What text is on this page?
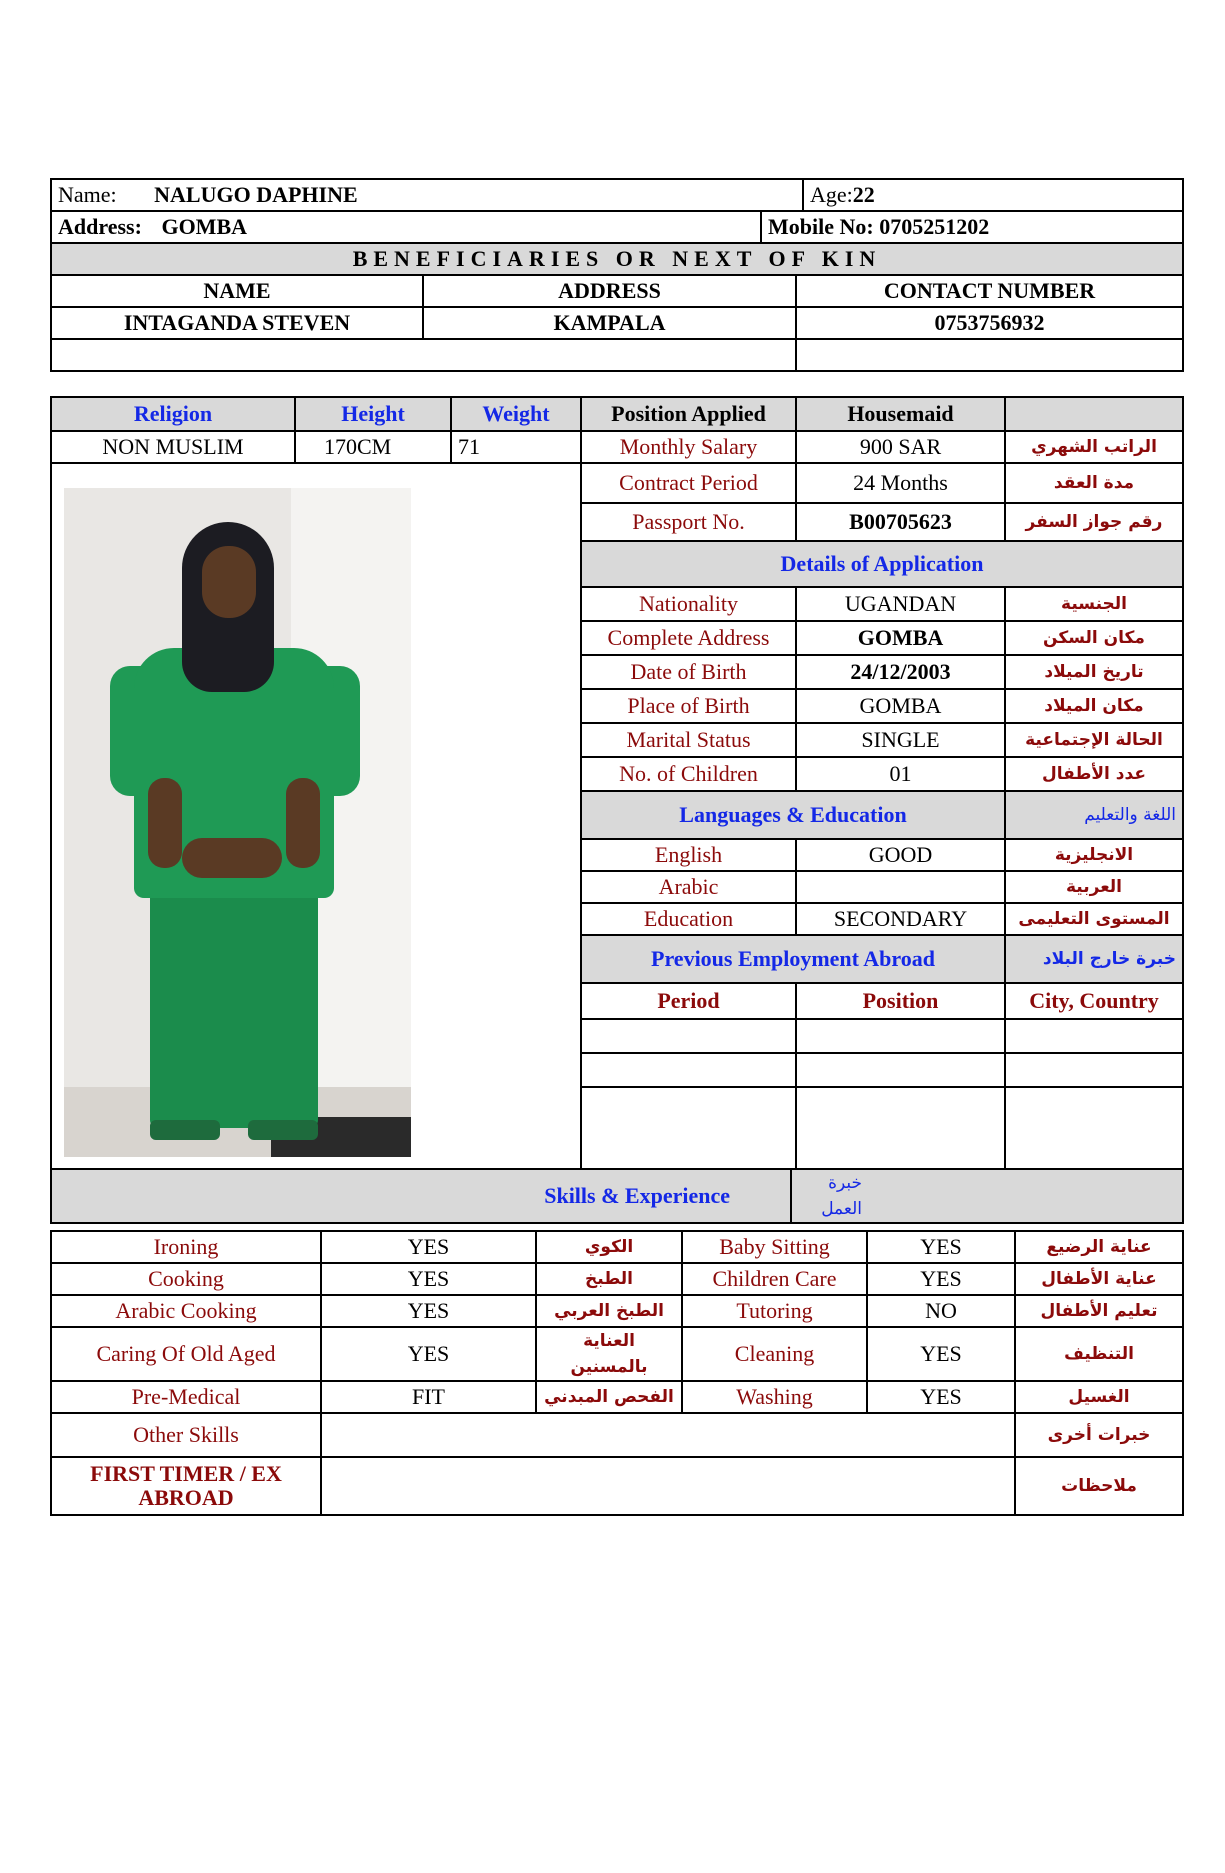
Name: NALUGO DAPHINE	Age:22
Address: GOMBA	Mobile No: 0705251202
BENEFICIARIES OR NEXT OF KIN		
NAME	ADDRESS	CONTACT NUMBER
INTAGANDA STEVEN	KAMPALA	0753756932

Religion	Height	Weight	Position Applied	Housemaid	
NON MUSLIM	170CM	71	Monthly Salary	900 SAR	الراتب الشهري

			Contract Period	24 Months	مدة العقد
			Passport No.	B00705623	رقم جواز السفر
			Details of Application		
			Nationality	UGANDAN	الجنسية
			Complete Address	GOMBA	مكان السكن
			Date of Birth	24/12/2003	تاريخ الميلاد
			Place of Birth	GOMBA	مكان الميلاد
			Marital Status	SINGLE	الحالة الإجتماعية
			No. of Children	01	عدد الأطفال
			Languages & Education		اللغة والتعليم
			English	GOOD	الانجليزية
			Arabic		العربية
			Education	SECONDARY	المستوى التعليمى
			Previous Employment Abroad		خبرة خارج البلاد
			Period	Position	City, Country

Skills & Experience	خبرة العمل
Ironing	YES	الكوي	Baby Sitting	YES	عناية الرضيع
Cooking	YES	الطبخ	Children Care	YES	عناية الأطفال
Arabic Cooking	YES	الطبخ العربي	Tutoring	NO	تعليم الأطفال
Caring Of Old Aged	YES	العناية بالمسنين	Cleaning	YES	التنظيف
Pre-Medical	FIT	الفحص المبدني	Washing	YES	الغسيل
Other Skills					خبرات أخرى
FIRST TIMER / EX ABROAD					ملاحظات
